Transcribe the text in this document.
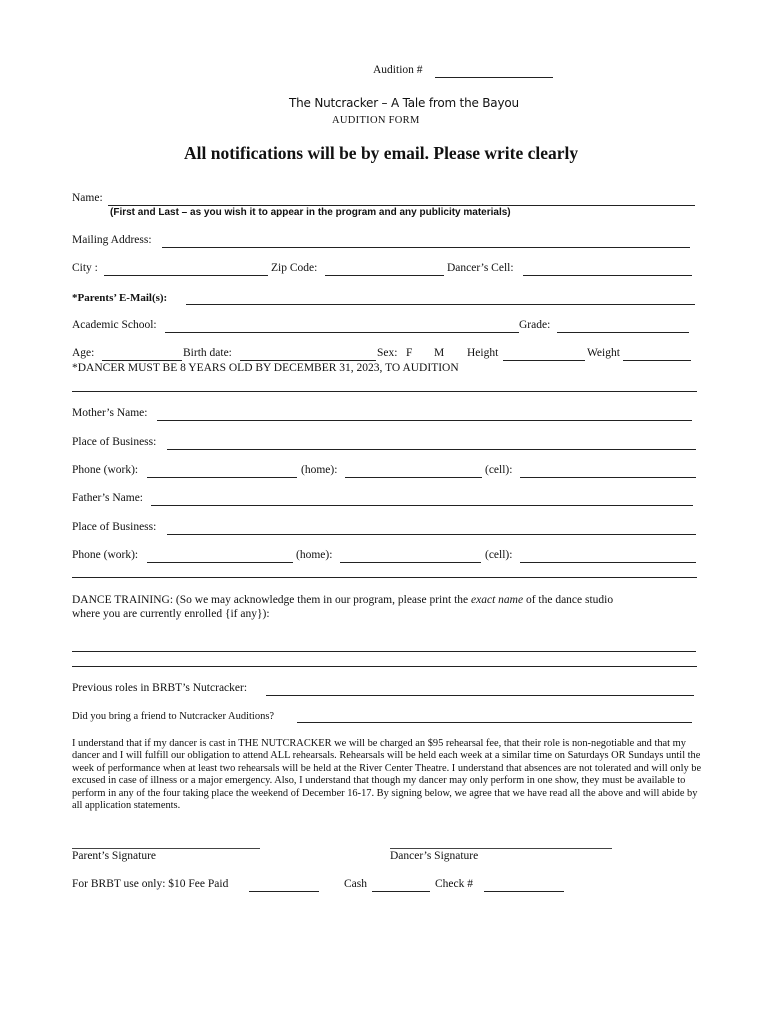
Audition #
The Nutcracker – A Tale from the Bayou
AUDITION FORM
All notifications will be by email. Please write clearly
Name:
(First and Last – as you wish it to appear in the program and any publicity materials)
Mailing Address:
City :	Zip Code:	Dancer’s Cell:
*Parents’ E-Mail(s):
Academic School:	Grade:
Age:	Birth date:	Sex: F M Height	Weight
*DANCER MUST BE 8 YEARS OLD BY DECEMBER 31, 2023, TO AUDITION
Mother’s Name:
Place of Business:
Phone (work):	(home):	(cell):
Father’s Name:
Place of Business:
Phone (work):	(home):	(cell):
DANCE TRAINING: (So we may acknowledge them in our program, please print the exact name of the dance studio
where you are currently enrolled {if any}):
Previous roles in BRBT’s Nutcracker:
Did you bring a friend to Nutcracker Auditions?
I understand that if my dancer is cast in THE NUTCRACKER we will be charged an $95 rehearsal fee, that their role is non-negotiable and that my dancer and I will fulfill our obligation to attend ALL rehearsals. Rehearsals will be held each week at a similar time on Saturdays OR Sundays until the week of performance when at least two rehearsals will be held at the River Center Theatre. I understand that absences are not tolerated and will only be excused in case of illness or a major emergency. Also, I understand that though my dancer may only perform in one show, they must be available to perform in any of the four taking place the weekend of December 16-17. By signing below, we agree that we have read all the above and will abide by all application statements.
Parent’s Signature	Dancer’s Signature
For BRBT use only: $10 Fee Paid	Cash	Check #
